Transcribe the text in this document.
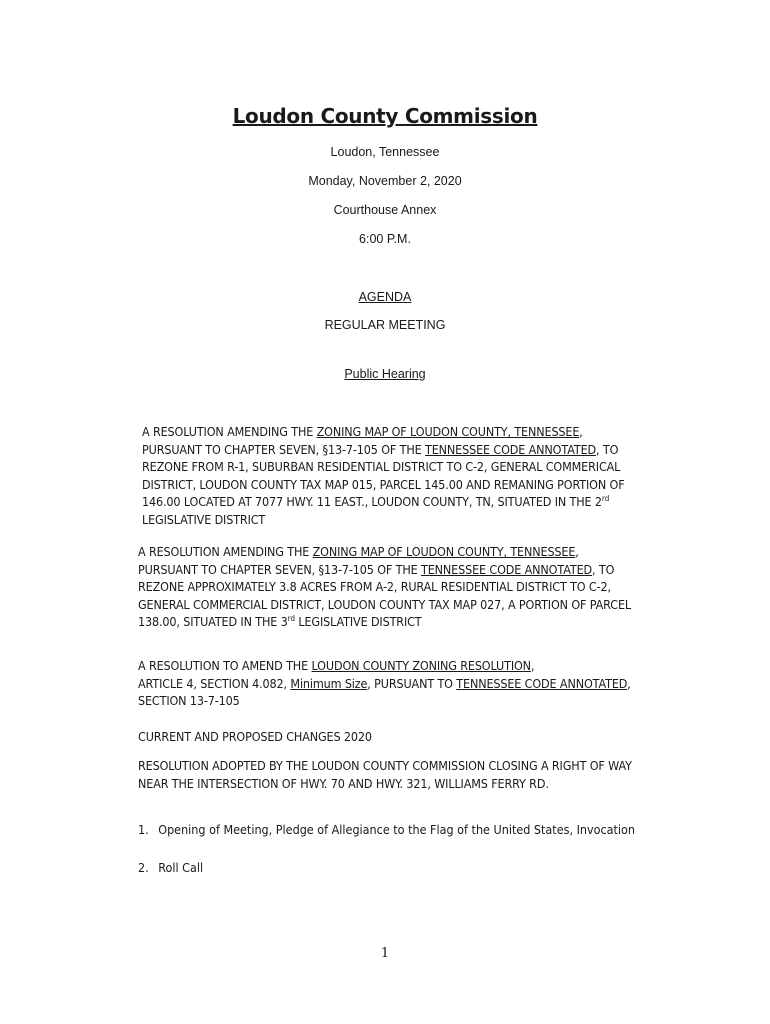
Loudon County Commission
Loudon, Tennessee
Monday, November 2, 2020
Courthouse Annex
6:00 P.M.
AGENDA
REGULAR MEETING
Public Hearing
A RESOLUTION AMENDING THE ZONING MAP OF LOUDON COUNTY, TENNESSEE,
PURSUANT TO CHAPTER SEVEN, §13-7-105 OF THE TENNESSEE CODE ANNOTATED, TO
REZONE FROM R-1, SUBURBAN RESIDENTIAL DISTRICT TO C-2, GENERAL COMMERICAL
DISTRICT, LOUDON COUNTY TAX MAP 015, PARCEL 145.00 AND REMANING PORTION OF
146.00 LOCATED AT 7077 HWY. 11 EAST., LOUDON COUNTY, TN, SITUATED IN THE 2rd
LEGISLATIVE DISTRICT
A RESOLUTION AMENDING THE ZONING MAP OF LOUDON COUNTY, TENNESSEE,
PURSUANT TO CHAPTER SEVEN, §13-7-105 OF THE TENNESSEE CODE ANNOTATED, TO
REZONE APPROXIMATELY 3.8 ACRES FROM A-2, RURAL RESIDENTIAL DISTRICT TO C-2,
GENERAL COMMERCIAL DISTRICT, LOUDON COUNTY TAX MAP 027, A PORTION OF PARCEL
138.00, SITUATED IN THE 3rd LEGISLATIVE DISTRICT
A RESOLUTION TO AMEND THE LOUDON COUNTY ZONING RESOLUTION,
ARTICLE 4, SECTION 4.082, Minimum Size, PURSUANT TO TENNESSEE CODE ANNOTATED,
SECTION 13-7-105
CURRENT AND PROPOSED CHANGES 2020
RESOLUTION ADOPTED BY THE LOUDON COUNTY COMMISSION CLOSING A RIGHT OF WAY
NEAR THE INTERSECTION OF HWY. 70 AND HWY. 321, WILLIAMS FERRY RD.
1. Opening of Meeting, Pledge of Allegiance to the Flag of the United States, Invocation
2. Roll Call
1
